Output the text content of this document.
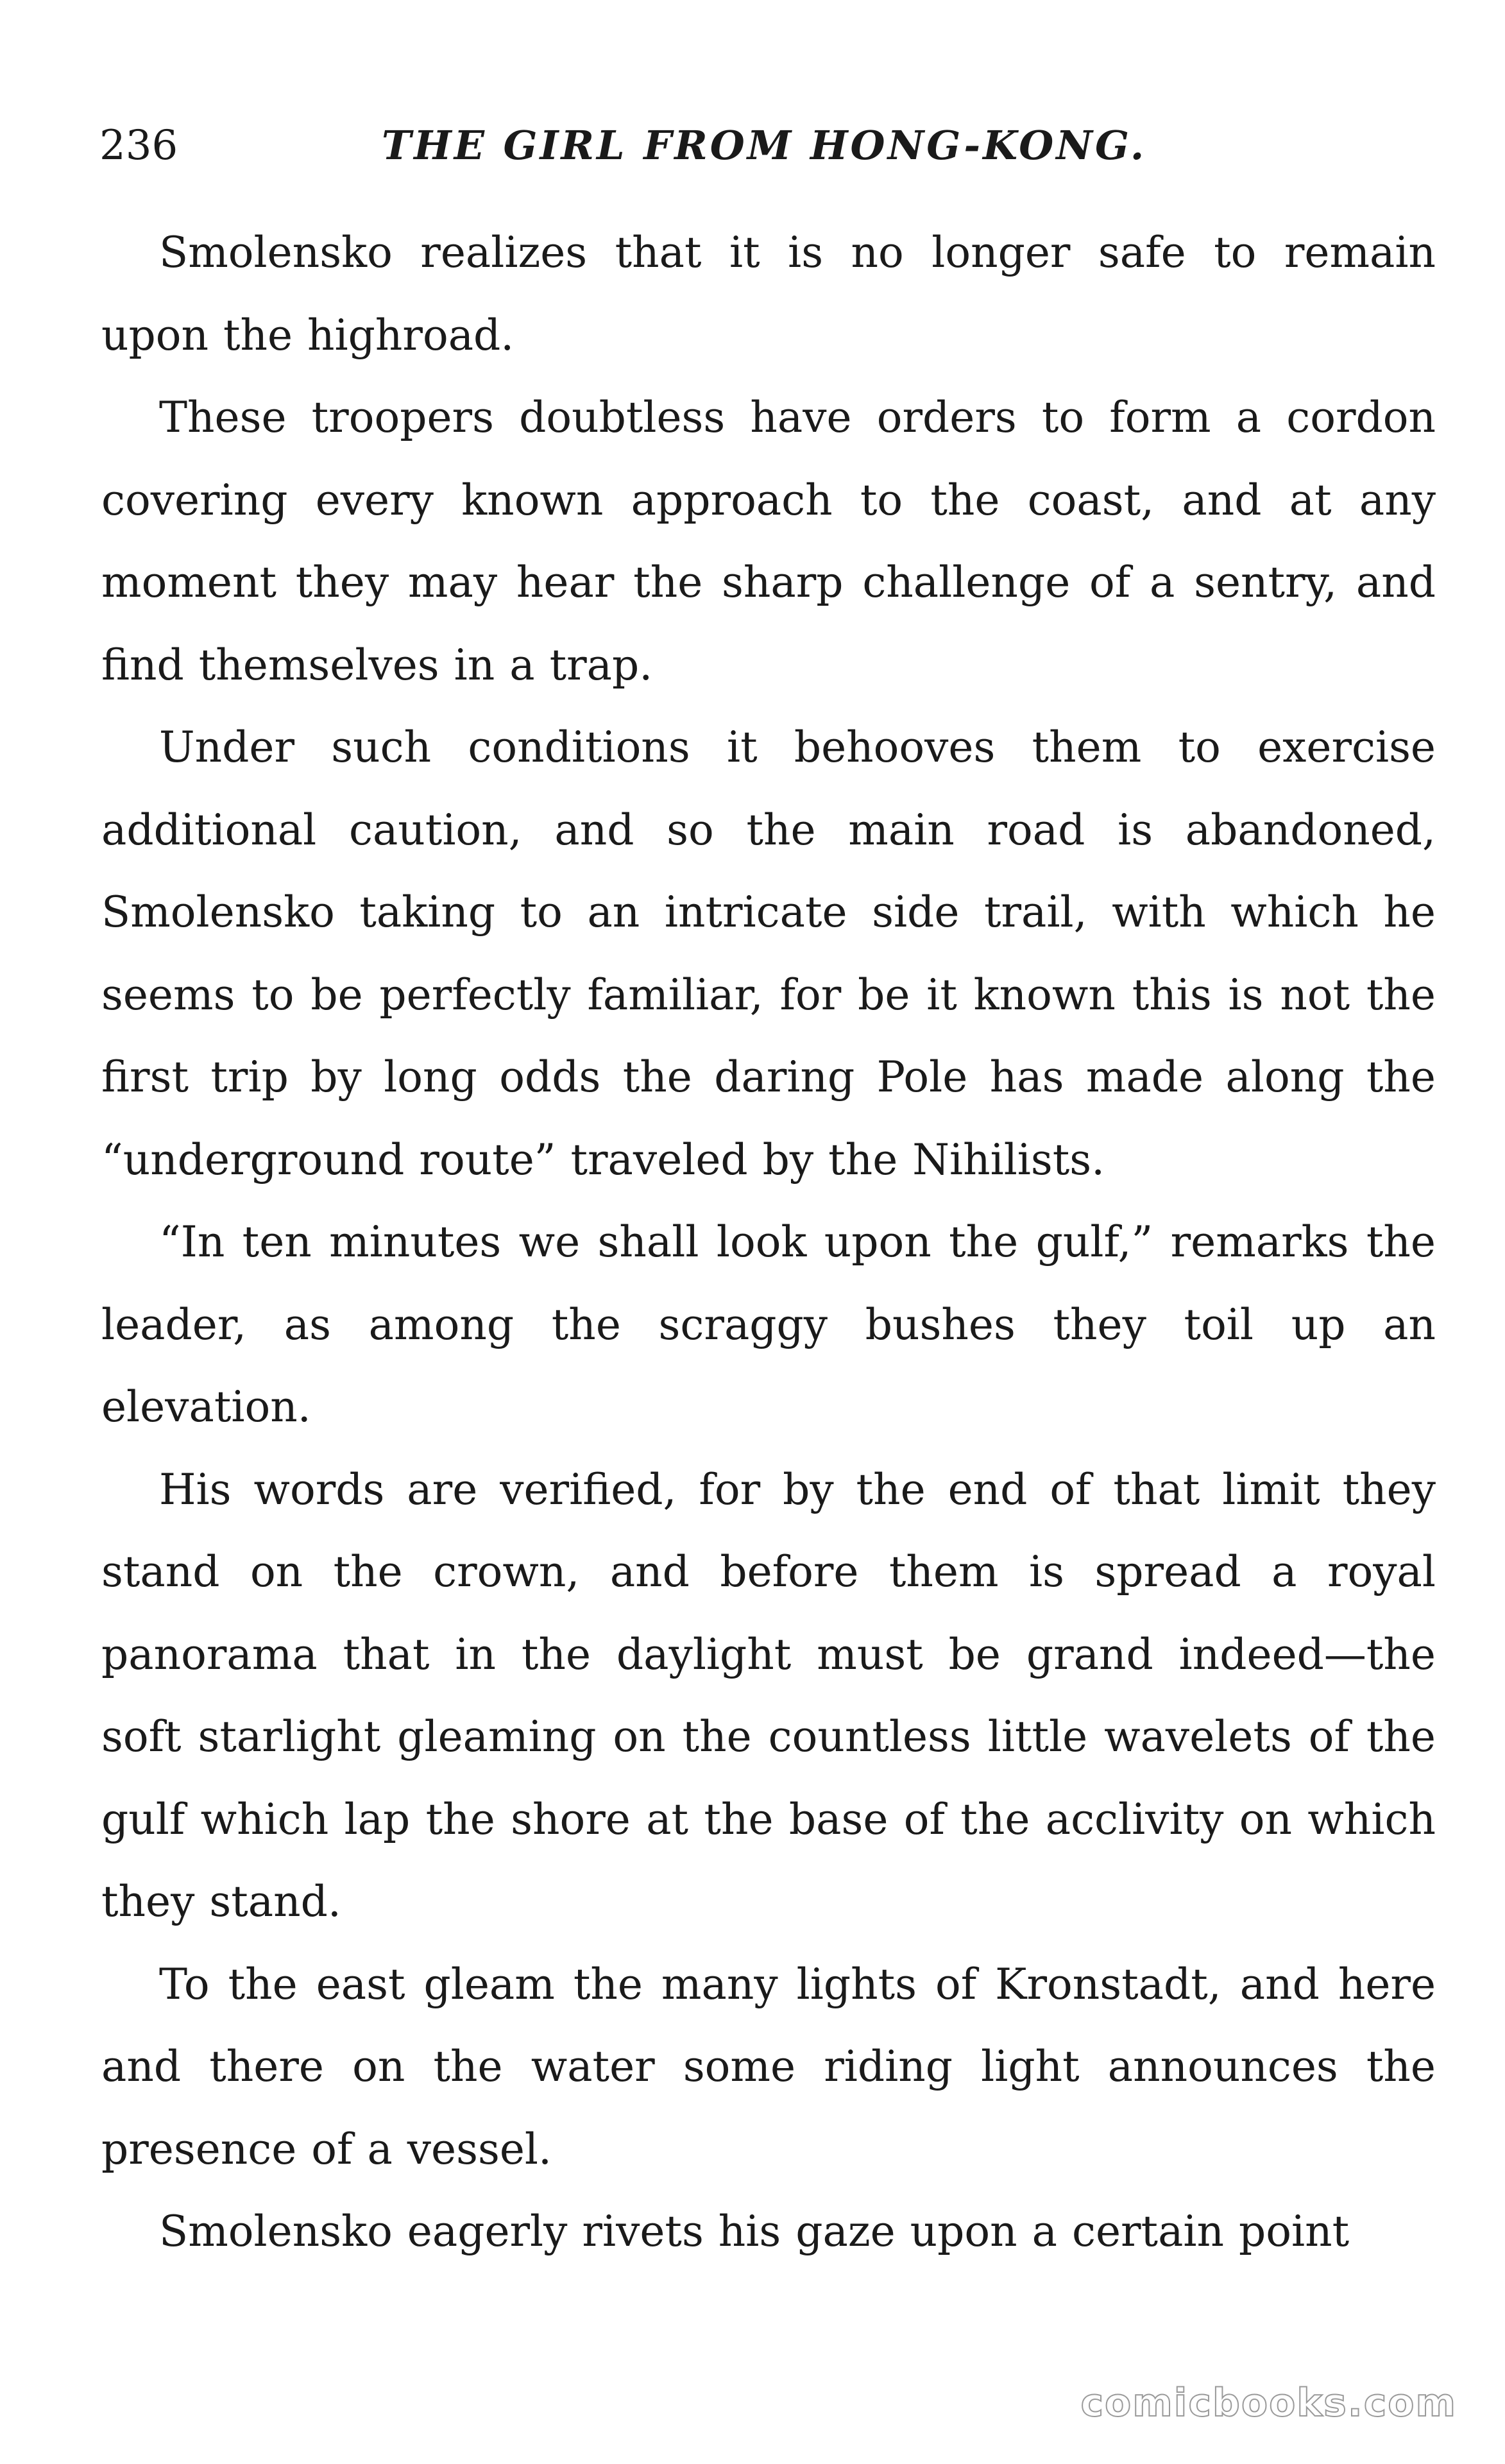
236	THE GIRL FROM HONG-KONG.

Smolensko realizes that it is no longer safe to remain upon the highroad.

These troopers doubtless have orders to form a cordon covering every known approach to the coast, and at any moment they may hear the sharp challenge of a sentry, and find themselves in a trap.

Under such conditions it behooves them to exercise additional caution, and so the main road is abandoned, Smolensko taking to an intricate side trail, with which he seems to be perfectly familiar, for be it known this is not the first trip by long odds the daring Pole has made along the “underground route” traveled by the Nihilists.

“In ten minutes we shall look upon the gulf,” remarks the leader, as among the scraggy bushes they toil up an elevation.

His words are verified, for by the end of that limit they stand on the crown, and before them is spread a royal panorama that in the daylight must be grand indeed—the soft starlight gleaming on the countless little wavelets of the gulf which lap the shore at the base of the acclivity on which they stand.

To the east gleam the many lights of Kronstadt, and here and there on the water some riding light announces the presence of a vessel.

Smolensko eagerly rivets his gaze upon a certain point

comicbooks.com
